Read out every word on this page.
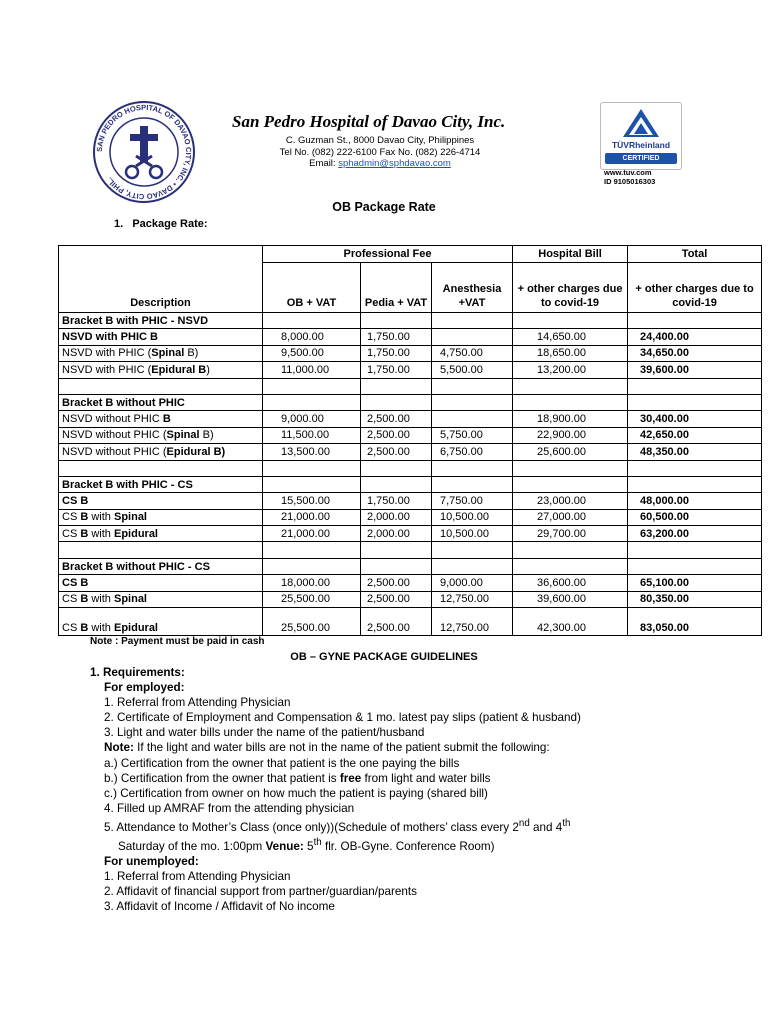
SAN PEDRO HOSPITAL OF DAVAO CITY, INC. • DAVAO CITY, PHIL.
San Pedro Hospital of Davao City, Inc.
C. Guzman St., 8000 Davao City, Philippines
Tel No. (082) 222-6100 Fax No. (082) 226-4714
Email: sphadmin@sphdavao.com
TÜVRheinland
CERTIFIED
www.tuv.com
ID 9105016303
OB Package Rate
1.   Package Rate:
	Professional Fee			Hospital Bill	Total
Description	OB + VAT	Pedia + VAT	Anesthesia +VAT	+ other charges due to covid-19	+ other charges due to covid-19
Bracket B with PHIC - NSVD					
NSVD with PHIC B	8,000.00	1,750.00		14,650.00	24,400.00
NSVD with PHIC (Spinal B)	9,500.00	1,750.00	4,750.00	18,650.00	34,650.00
NSVD with PHIC (Epidural B)	11,000.00	1,750.00	5,500.00	13,200.00	39,600.00

Bracket B without PHIC					
NSVD without PHIC B	9,000.00	2,500.00		18,900.00	30,400.00
NSVD without PHIC (Spinal B)	11,500.00	2,500.00	5,750.00	22,900.00	42,650.00
NSVD without PHIC (Epidural B)	13,500.00	2,500.00	6,750.00	25,600.00	48,350.00

Bracket B with PHIC - CS					
CS B	15,500.00	1,750.00	7,750.00	23,000.00	48,000.00
CS B with Spinal	21,000.00	2,000.00	10,500.00	27,000.00	60,500.00
CS B with Epidural	21,000.00	2,000.00	10,500.00	29,700.00	63,200.00

Bracket B without PHIC - CS					
CS B	18,000.00	2,500.00	9,000.00	36,600.00	65,100.00
CS B with Spinal	25,500.00	2,500.00	12,750.00	39,600.00	80,350.00
CS B with Epidural	25,500.00	2,500.00	12,750.00	42,300.00	83,050.00
Note : Payment must be paid in cash
OB – GYNE PACKAGE GUIDELINES
1. Requirements:
For employed:
1. Referral from Attending Physician
2. Certificate of Employment and Compensation & 1 mo. latest pay slips (patient & husband)
3. Light and water bills under the name of the patient/husband
Note: If the light and water bills are not in the name of the patient submit the following:
a.) Certification from the owner that patient is the one paying the bills
b.) Certification from the owner that patient is free from light and water bills
c.) Certification from owner on how much the patient is paying (shared bill)
4. Filled up AMRAF from the attending physician
5. Attendance to Mother’s Class (once only))(Schedule of mothers’ class every 2nd and 4th
Saturday of the mo. 1:00pm Venue: 5th flr. OB-Gyne. Conference Room)
For unemployed:
1. Referral from Attending Physician
2. Affidavit of financial support from partner/guardian/parents
3. Affidavit of Income / Affidavit of No income
